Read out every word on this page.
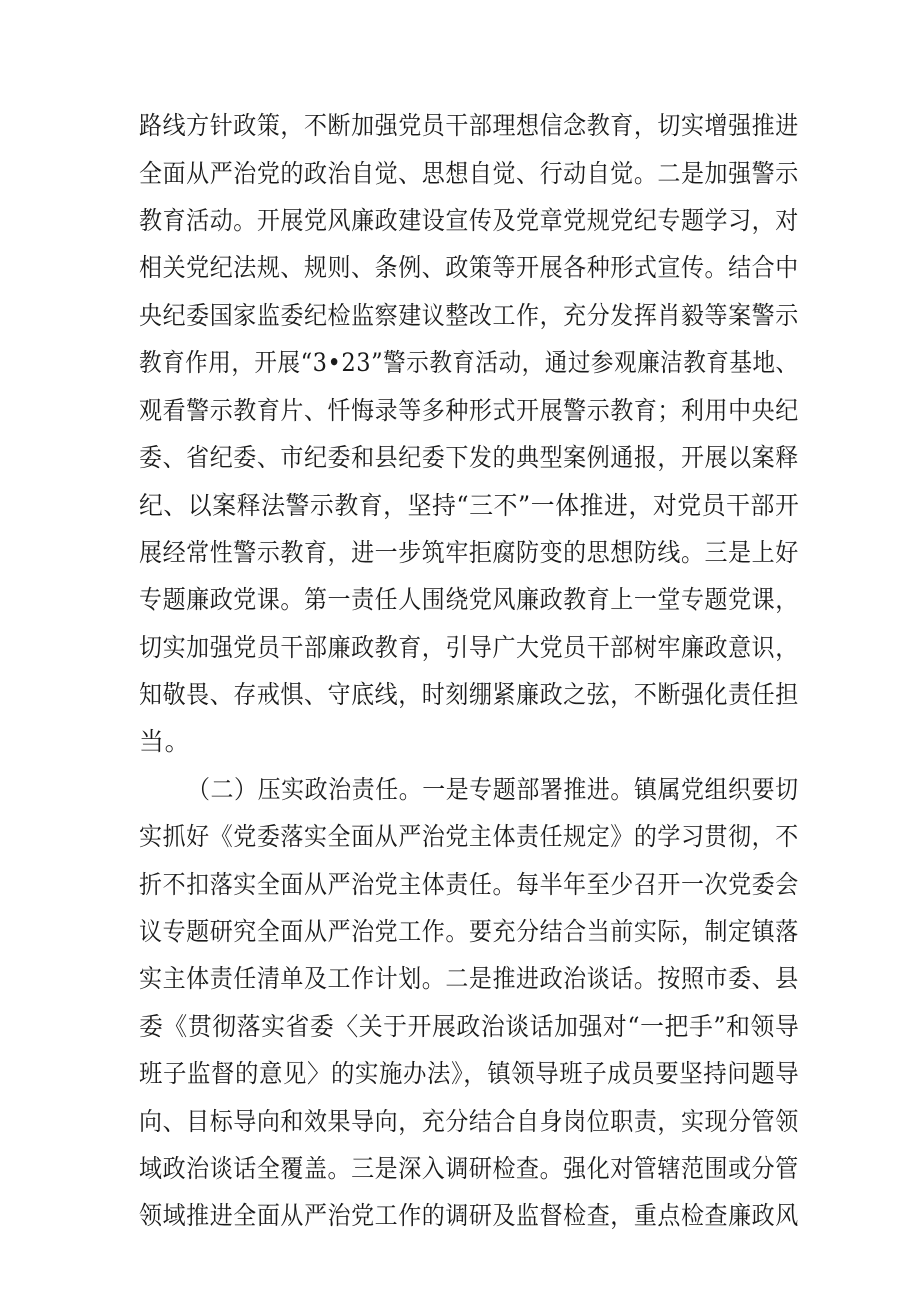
路线方针政策，不断加强党员干部理想信念教育，切实增强推进
全面从严治党的政治自觉、思想自觉、行动自觉。二是加强警示
教育活动。开展党风廉政建设宣传及党章党规党纪专题学习，对
相关党纪法规、规则、条例、政策等开展各种形式宣传。结合中
央纪委国家监委纪检监察建议整改工作，充分发挥肖毅等案警示
教育作用，开展“3•23”警示教育活动，通过参观廉洁教育基地、
观看警示教育片、忏悔录等多种形式开展警示教育；利用中央纪
委、省纪委、市纪委和县纪委下发的典型案例通报，开展以案释
纪、以案释法警示教育，坚持“三不”一体推进，对党员干部开
展经常性警示教育，进一步筑牢拒腐防变的思想防线。三是上好
专题廉政党课。第一责任人围绕党风廉政教育上一堂专题党课，
切实加强党员干部廉政教育，引导广大党员干部树牢廉政意识，
知敬畏、存戒惧、守底线，时刻绷紧廉政之弦，不断强化责任担
当。
（二）压实政治责任。一是专题部署推进。镇属党组织要切
实抓好《党委落实全面从严治党主体责任规定》的学习贯彻，不
折不扣落实全面从严治党主体责任。每半年至少召开一次党委会
议专题研究全面从严治党工作。要充分结合当前实际，制定镇落
实主体责任清单及工作计划。二是推进政治谈话。按照市委、县
委《贯彻落实省委〈关于开展政治谈话加强对“一把手”和领导
班子监督的意见〉的实施办法》，镇领导班子成员要坚持问题导
向、目标导向和效果导向，充分结合自身岗位职责，实现分管领
域政治谈话全覆盖。三是深入调研检查。强化对管辖范围或分管
领域推进全面从严治党工作的调研及监督检查，重点检查廉政风
